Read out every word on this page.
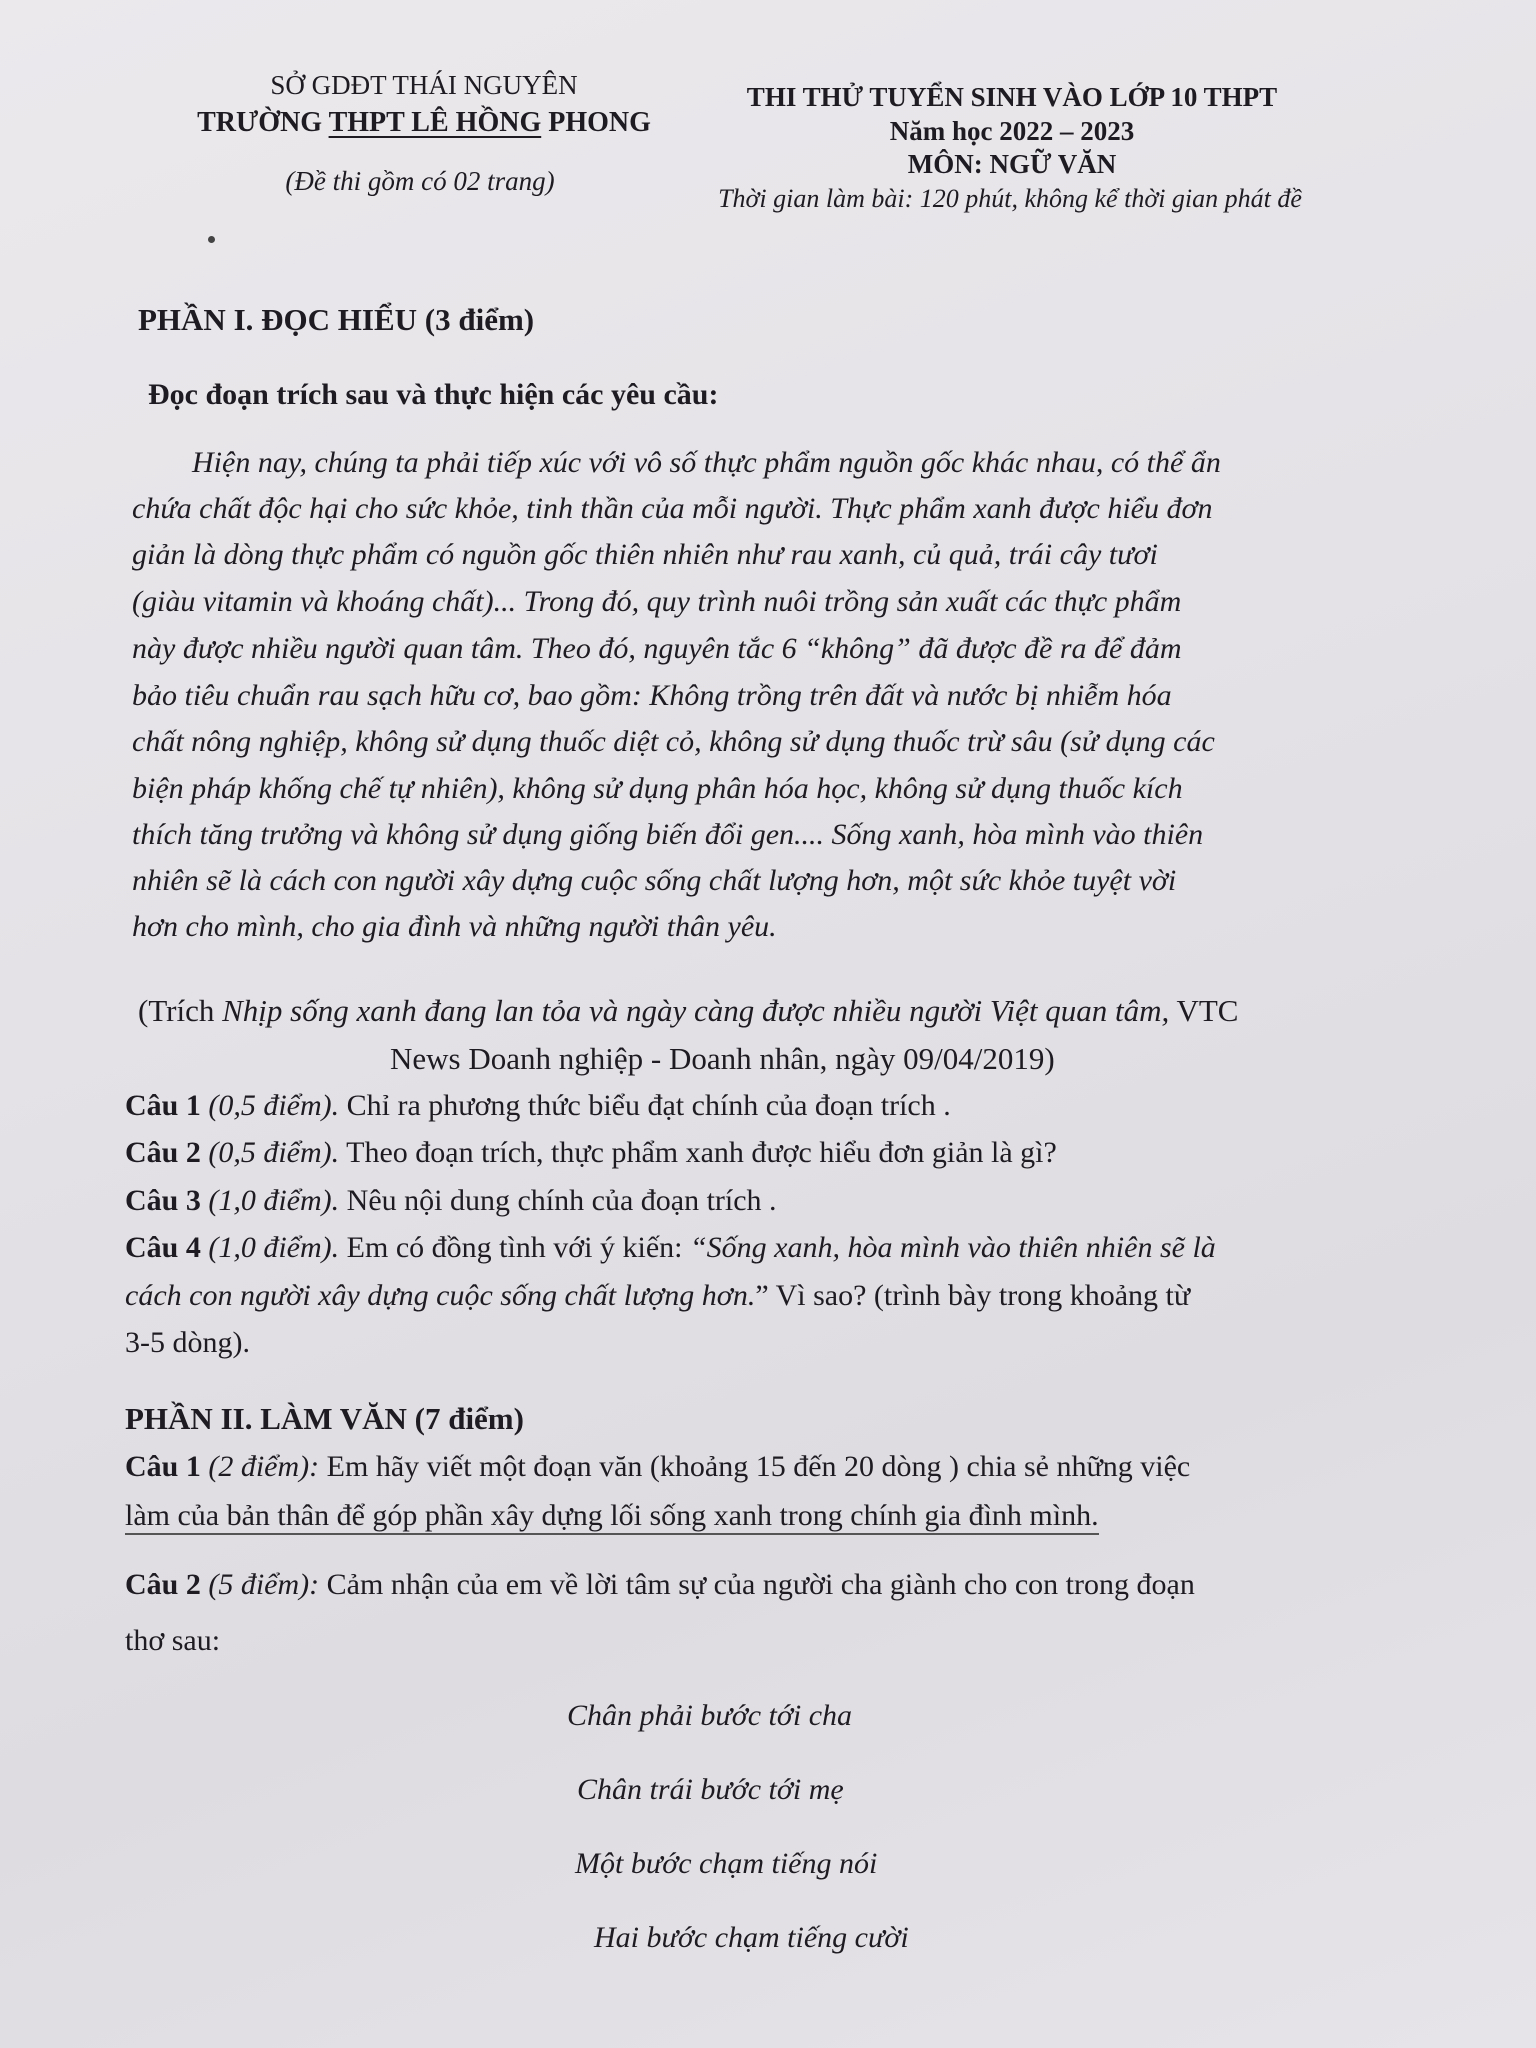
SỞ GDĐT THÁI NGUYÊN
TRƯỜNG THPT LÊ HỒNG PHONG
(Đề thi gồm có 02 trang)
THI THỬ TUYỂN SINH VÀO LỚP 10 THPT
Năm học 2022 – 2023
MÔN: NGỮ VĂN
Thời gian làm bài: 120 phút, không kể thời gian phát đề
PHẦN I. ĐỌC HIỂU (3 điểm)
Đọc đoạn trích sau và thực hiện các yêu cầu:
Hiện nay, chúng ta phải tiếp xúc với vô số thực phẩm nguồn gốc khác nhau, có thể ẩn
chứa chất độc hại cho sức khỏe, tinh thần của mỗi người. Thực phẩm xanh được hiểu đơn
giản là dòng thực phẩm có nguồn gốc thiên nhiên như rau xanh, củ quả, trái cây tươi
(giàu vitamin và khoáng chất)... Trong đó, quy trình nuôi trồng sản xuất các thực phẩm
này được nhiều người quan tâm. Theo đó, nguyên tắc 6 “không” đã được đề ra để đảm
bảo tiêu chuẩn rau sạch hữu cơ, bao gồm: Không trồng trên đất và nước bị nhiễm hóa
chất nông nghiệp, không sử dụng thuốc diệt cỏ, không sử dụng thuốc trừ sâu (sử dụng các
biện pháp khống chế tự nhiên), không sử dụng phân hóa học, không sử dụng thuốc kích
thích tăng trưởng và không sử dụng giống biến đổi gen.... Sống xanh, hòa mình vào thiên
nhiên sẽ là cách con người xây dựng cuộc sống chất lượng hơn, một sức khỏe tuyệt vời
hơn cho mình, cho gia đình và những người thân yêu.
(Trích Nhịp sống xanh đang lan tỏa và ngày càng được nhiều người Việt quan tâm, VTC
News Doanh nghiệp - Doanh nhân, ngày 09/04/2019)
Câu 1 (0,5 điểm). Chỉ ra phương thức biểu đạt chính của đoạn trích .
Câu 2 (0,5 điểm). Theo đoạn trích, thực phẩm xanh được hiểu đơn giản là gì?
Câu 3 (1,0 điểm). Nêu nội dung chính của đoạn trích .
Câu 4 (1,0 điểm). Em có đồng tình với ý kiến: “Sống xanh, hòa mình vào thiên nhiên sẽ là
cách con người xây dựng cuộc sống chất lượng hơn.” Vì sao? (trình bày trong khoảng từ
3-5 dòng).
PHẦN II. LÀM VĂN (7 điểm)
Câu 1 (2 điểm): Em hãy viết một đoạn văn (khoảng 15 đến 20 dòng ) chia sẻ những việc
làm của bản thân để góp phần xây dựng lối sống xanh trong chính gia đình mình.
Câu 2 (5 điểm): Cảm nhận của em về lời tâm sự của người cha giành cho con trong đoạn
thơ sau:
Chân phải bước tới cha
Chân trái bước tới mẹ
Một bước chạm tiếng nói
Hai bước chạm tiếng cười
